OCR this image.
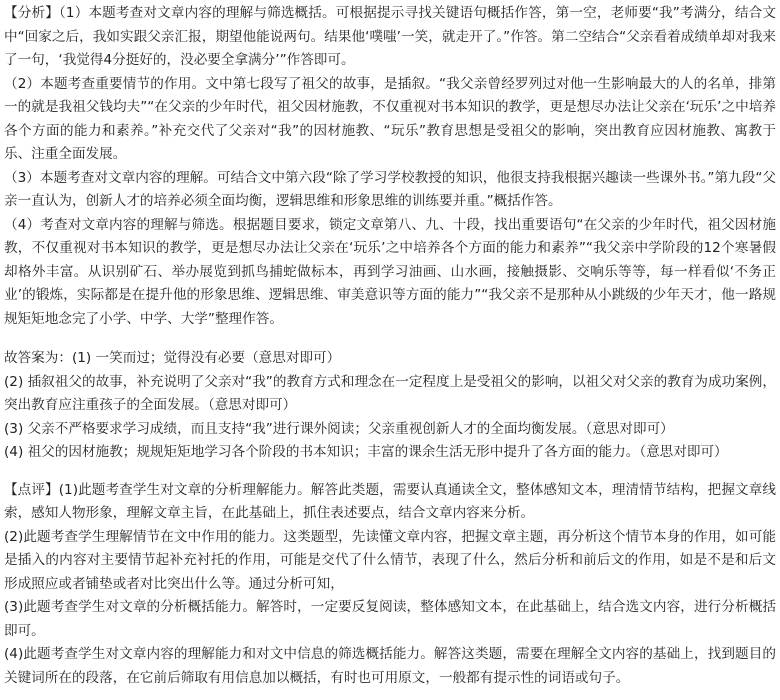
【分析】（1）本题考查对文章内容的理解与筛选概括。可根据提示寻找关键语句概括作答，第一空，老师要“我”考满分，结合文中“回家之后，我如实跟父亲汇报，期望他能说两句。结果他‘噗嗤’一笑，就走开了。”作答。第二空结合“父亲看着成绩单却对我来了一句，‘我觉得4分挺好的，没必要全拿满分’”作答即可。

（2）本题考查重要情节的作用。文中第七段写了祖父的故事，是插叙。“我父亲曾经罗列过对他一生影响最大的人的名单，排第一的就是我祖父钱均夫”“在父亲的少年时代，祖父因材施教，不仅重视对书本知识的教学，更是想尽办法让父亲在‘玩乐’之中培养各个方面的能力和素养。”补充交代了父亲对“我”的因材施教、“玩乐”教育思想是受祖父的影响，突出教育应因材施教、寓教于乐、注重全面发展。

（3）本题考查对文章内容的理解。可结合文中第六段“除了学习学校教授的知识，他很支持我根据兴趣读一些课外书。”第九段“父亲一直认为，创新人才的培养必须全面均衡，逻辑思维和形象思维的训练要并重。”概括作答。

（4）考查对文章内容的理解与筛选。根据题目要求，锁定文章第八、九、十段，找出重要语句“在父亲的少年时代，祖父因材施教，不仅重视对书本知识的教学，更是想尽办法让父亲在‘玩乐’之中培养各个方面的能力和素养”“我父亲中学阶段的12个寒暑假却格外丰富。从识别矿石、举办展览到抓鸟捕蛇做标本，再到学习油画、山水画，接触摄影、交响乐等等，每一样看似‘不务正业’的锻炼，实际都是在提升他的形象思维、逻辑思维、审美意识等方面的能力”“我父亲不是那种从小跳级的少年天才，他一路规规矩矩地念完了小学、中学、大学”整理作答。

故答案为：(1) 一笑而过；觉得没有必要（意思对即可）

(2) 插叙祖父的故事，补充说明了父亲对“我”的教育方式和理念在一定程度上是受祖父的影响，以祖父对父亲的教育为成功案例，突出教育应注重孩子的全面发展。（意思对即可）

(3) 父亲不严格要求学习成绩，而且支持“我”进行课外阅读；父亲重视创新人才的全面均衡发展。（意思对即可）

(4) 祖父的因材施教；规规矩矩地学习各个阶段的书本知识；丰富的课余生活无形中提升了各方面的能力。（意思对即可）

【点评】(1)此题考查学生对文章的分析理解能力。解答此类题，需要认真通读全文，整体感知文本，理清情节结构，把握文章线索，感知人物形象，理解文章主旨，在此基础上，抓住表述要点，结合文章内容来分析。

(2)此题考查学生理解情节在文中作用的能力。这类题型，先读懂文章内容，把握文章主题，再分析这个情节本身的作用，如可能是插入的内容对主要情节起补充衬托的作用，可能是交代了什么情节，表现了什么，然后分析和前后文的作用，如是不是和后文形成照应或者铺垫或者对比突出什么等。通过分析可知，

(3)此题考查学生对文章的分析概括能力。解答时，一定要反复阅读，整体感知文本，在此基础上，结合选文内容，进行分析概括即可。

(4)此题考查学生对文章内容的理解能力和对文中信息的筛选概括能力。解答这类题，需要在理解全文内容的基础上，找到题目的关键词所在的段落，在它前后筛取有用信息加以概括，有时也可用原文，一般都有提示性的词语或句子。
